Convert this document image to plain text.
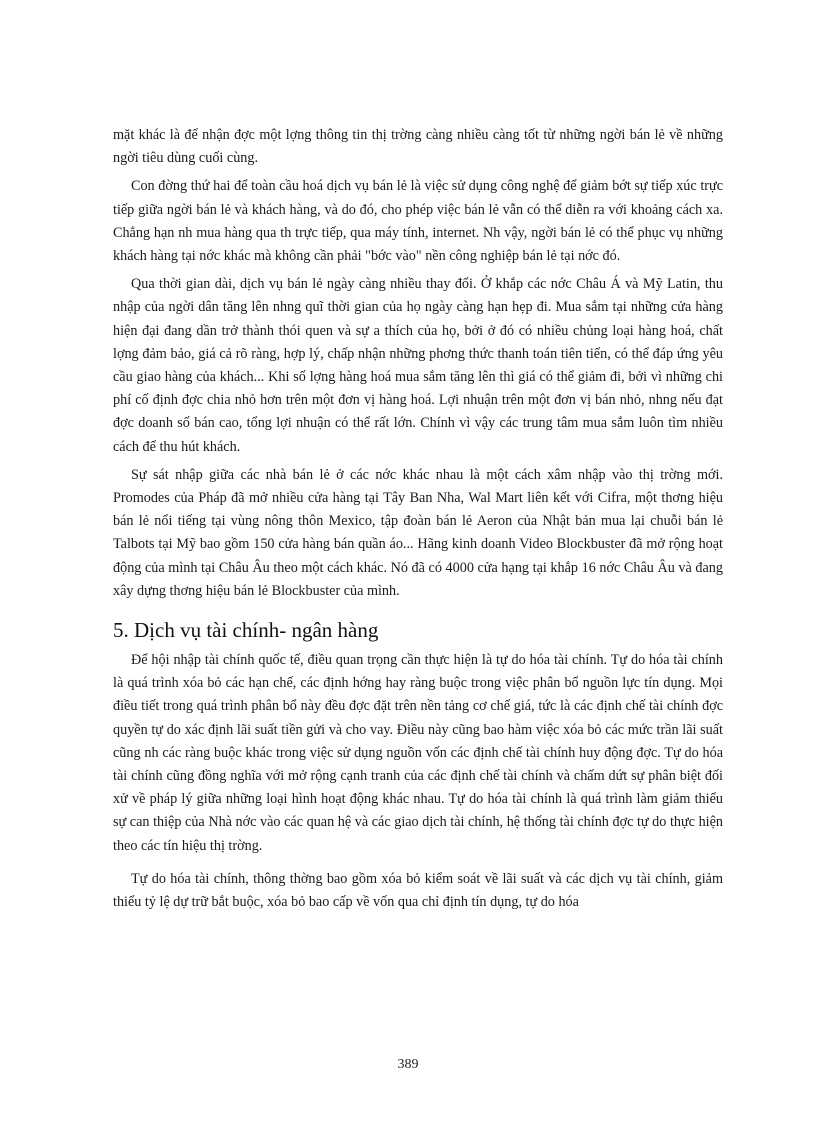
mặt khác là để nhận đợc một lợng thông tin thị trờng càng nhiều càng tốt từ những ngời bán lẻ về những ngời tiêu dùng cuối cùng.

Con đờng thứ hai để toàn cầu hoá dịch vụ bán lẻ là việc sử dụng công nghệ để giảm bớt sự tiếp xúc trực tiếp giữa ngời bán lẻ và khách hàng, và do đó, cho phép việc bán lẻ vẫn có thể diễn ra với khoảng cách xa. Chẳng hạn nh mua hàng qua th trực tiếp, qua máy tính, internet. Nh vậy, ngời bán lẻ có thể phục vụ những khách hàng tại nớc khác mà không cần phải "bớc vào" nền công nghiệp bán lẻ tại nớc đó.

Qua thời gian dài, dịch vụ bán lẻ ngày càng nhiều thay đổi. Ở khắp các nớc Châu Á và Mỹ Latin, thu nhập của ngời dân tăng lên nhng quĩ thời gian của họ ngày càng hạn hẹp đi. Mua sắm tại những cửa hàng hiện đại đang dần trở thành thói quen và sự a thích của họ, bởi ở đó có nhiều chủng loại hàng hoá, chất lợng đảm bảo, giá cả rõ ràng, hợp lý, chấp nhận những phơng thức thanh toán tiên tiến, có thể đáp ứng yêu cầu giao hàng của khách... Khi số lợng hàng hoá mua sắm tăng lên thì giá có thể giảm đi, bởi vì những chi phí cố định đợc chia nhỏ hơn trên một đơn vị hàng hoá. Lợi nhuận trên một đơn vị bán nhỏ, nhng nếu đạt đợc doanh số bán cao, tổng lợi nhuận có thể rất lớn. Chính vì vậy các trung tâm mua sắm luôn tìm nhiều cách để thu hút khách.

Sự sát nhập giữa các nhà bán lẻ ở các nớc khác nhau là một cách xâm nhập vào thị trờng mới. Promodes của Pháp đã mở nhiều cửa hàng tại Tây Ban Nha, Wal Mart liên kết với Cifra, một thơng hiệu bán lẻ nổi tiếng tại vùng nông thôn Mexico, tập đoàn bán lẻ Aeron của Nhật bản mua lại chuỗi bán lẻ Talbots tại Mỹ bao gồm 150 cửa hàng bán quần áo... Hãng kinh doanh Video Blockbuster đã mở rộng hoạt động của mình tại Châu Âu theo một cách khác. Nó đã có 4000 cửa hạng tại khắp 16 nớc Châu Âu và đang xây dựng thơng hiệu bán lẻ Blockbuster của mình.

5. Dịch vụ tài chính- ngân hàng

Để hội nhập tài chính quốc tế, điều quan trọng cần thực hiện là tự do hóa tài chính. Tự do hóa tài chính là quá trình xóa bỏ các hạn chế, các định hớng hay ràng buộc trong việc phân bổ nguồn lực tín dụng. Mọi điều tiết trong quá trình phân bổ này đều đợc đặt trên nền tảng cơ chế giá, tức là các định chế tài chính đợc quyền tự do xác định lãi suất tiền gửi và cho vay. Điều này cũng bao hàm việc xóa bỏ các mức trần lãi suất cũng nh các ràng buộc khác trong việc sử dụng nguồn vốn các định chế tài chính huy động đợc. Tự do hóa tài chính cũng đồng nghĩa với mở rộng cạnh tranh của các định chế tài chính và chấm dứt sự phân biệt đối xử về pháp lý giữa những loại hình hoạt động khác nhau. Tự do hóa tài chính là quá trình làm giảm thiểu sự can thiệp của Nhà nớc vào các quan hệ và các giao dịch tài chính, hệ thống tài chính đợc tự do thực hiện theo các tín hiệu thị trờng.

Tự do hóa tài chính, thông thờng bao gồm xóa bỏ kiểm soát về lãi suất và các dịch vụ tài chính, giảm thiểu tỷ lệ dự trữ bắt buộc, xóa bỏ bao cấp về vốn qua chỉ định tín dụng, tự do hóa

389
